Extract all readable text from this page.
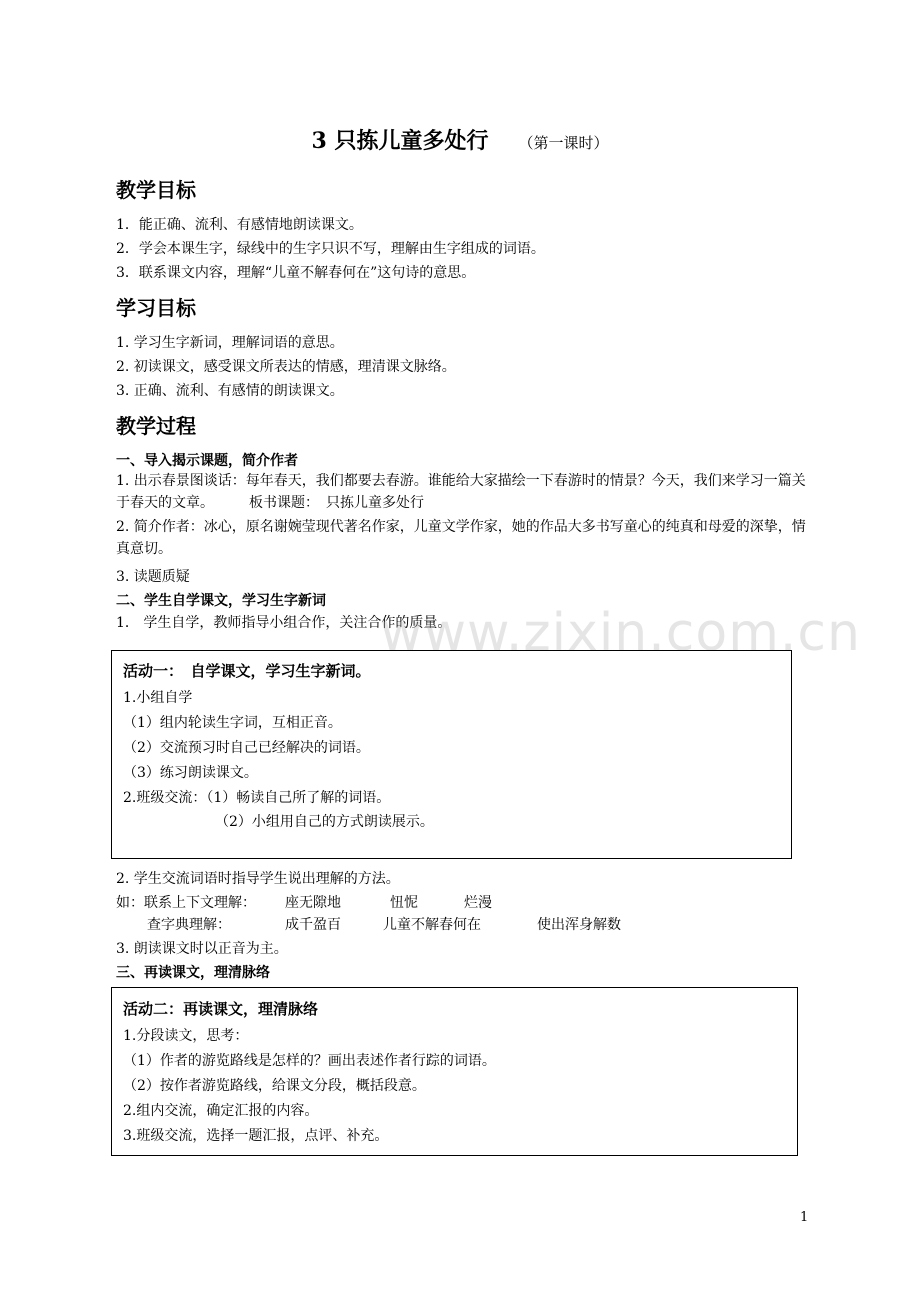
3 只拣儿童多处行 （第一课时）
教学目标
1．能正确、流利、有感情地朗读课文。
2．学会本课生字，绿线中的生字只识不写，理解由生字组成的词语。
3．联系课文内容，理解“儿童不解春何在”这句诗的意思。
学习目标
1. 学习生字新词，理解词语的意思。
2. 初读课文，感受课文所表达的情感，理清课文脉络。
3. 正确、流利、有感情的朗读课文。
教学过程
一、导入揭示课题，简介作者
1. 出示春景图谈话：每年春天，我们都要去春游。谁能给大家描绘一下春游时的情景？今天，我们来学习一篇关于春天的文章。　　　板书课题：　只拣儿童多处行
2. 简介作者：冰心，原名谢婉莹现代著名作家，儿童文学作家，她的作品大多书写童心的纯真和母爱的深挚，情真意切。
3. 读题质疑
二、学生自学课文，学习生字新词
1． 学生自学，教师指导小组合作，关注合作的质量。
www.zixin.com.cn
活动一：　自学课文，学习生字新词。
1.小组自学
（1）组内轮读生字词，互相正音。
（2）交流预习时自己已经解决的词语。
（3）练习朗读课文。
2.班级交流：（1）畅读自己所了解的词语。
（2）小组用自己的方式朗读展示。
2. 学生交流词语时指导学生说出理解的方法。
如：联系上下文理解： 座无隙地	忸怩	烂漫
查字典理解：	成千盈百	儿童不解春何在	使出浑身解数
3. 朗读课文时以正音为主。
三、再读课文，理清脉络
活动二：再读课文，理清脉络
1.分段读文，思考：
（1）作者的游览路线是怎样的？画出表述作者行踪的词语。
（2）按作者游览路线，给课文分段，概括段意。
2.组内交流，确定汇报的内容。
3.班级交流，选择一题汇报，点评、补充。
1
